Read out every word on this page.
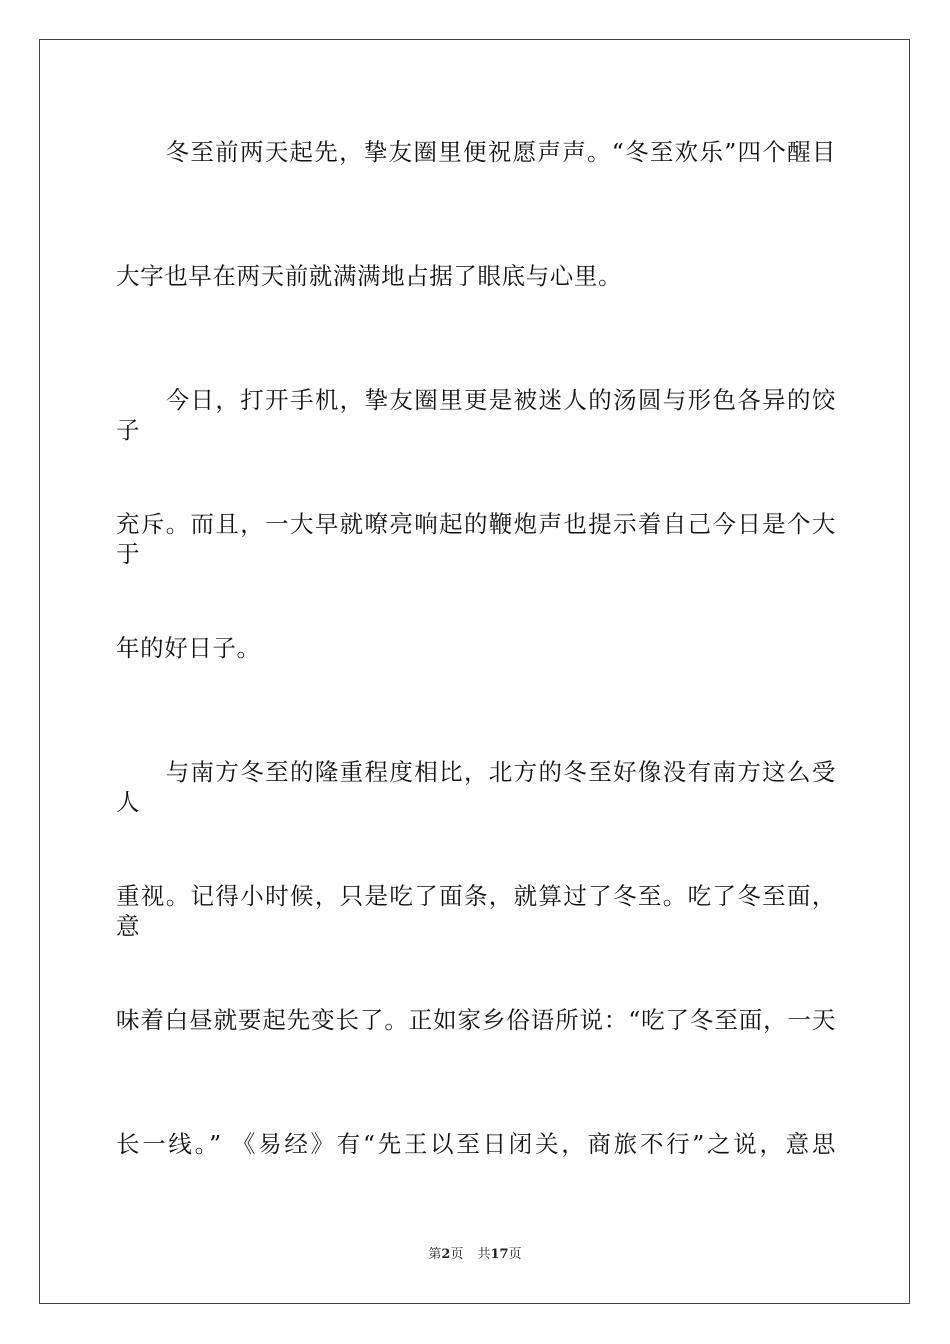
　　冬至前两天起先，挚友圈里便祝愿声声。“冬至欢乐”四个醒目
大字也早在两天前就满满地占据了眼底与心里。
　　今日，打开手机，挚友圈里更是被迷人的汤圆与形色各异的饺子
充斥。而且，一大早就嘹亮响起的鞭炮声也提示着自己今日是个大于
年的好日子。
　　与南方冬至的隆重程度相比，北方的冬至好像没有南方这么受人
重视。记得小时候，只是吃了面条，就算过了冬至。吃了冬至面，意
味着白昼就要起先变长了。正如家乡俗语所说：“吃了冬至面，一天
长一线。” 《易经》有“先王以至日闭关，商旅不行”之说，意思
第2页 共17页
